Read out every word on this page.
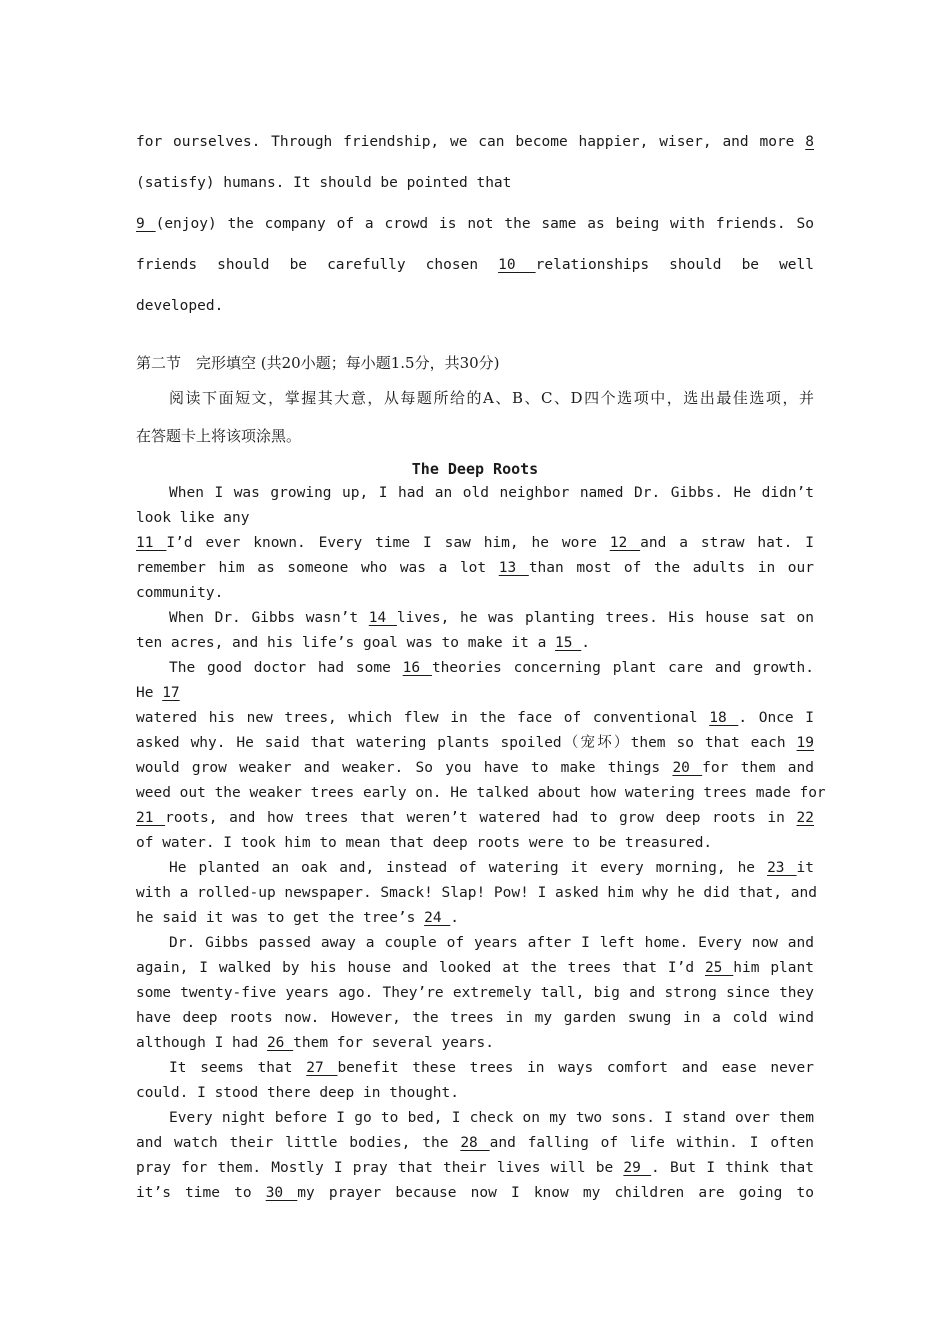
for ourselves. Through friendship, we can become happier, wiser, and more 8
(satisfy) humans. It should be pointed that
9 (enjoy) the company of a crowd is not the same as being with friends. So
friends should be carefully chosen 10 relationships should be well
developed.
第二节　完形填空 (共20小题；每小题1.5分，共30分)
阅读下面短文，掌握其大意，从每题所给的A、B、C、D四个选项中，选出最佳选项，并
在答题卡上将该项涂黑。
The Deep Roots
When I was growing up, I had an old neighbor named Dr. Gibbs. He didn’t
look like any
11 I’d ever known. Every time I saw him, he wore 12 and a straw hat. I
remember him as someone who was a lot 13 than most of the adults in our
community.
When Dr. Gibbs wasn’t 14 lives, he was planting trees. His house sat on
ten acres, and his life’s goal was to make it a 15 .
The good doctor had some 16 theories concerning plant care and growth.
He 17
watered his new trees, which flew in the face of conventional 18 . Once I
asked why. He said that watering plants spoiled（宠坏）them so that each 19
would grow weaker and weaker. So you have to make things 20 for them and
weed out the weaker trees early on. He talked about how watering trees made for
21 roots, and how trees that weren’t watered had to grow deep roots in 22
of water. I took him to mean that deep roots were to be treasured.
He planted an oak and, instead of watering it every morning, he 23 it
with a rolled-up newspaper. Smack! Slap! Pow! I asked him why he did that, and
he said it was to get the tree’s 24 .
Dr. Gibbs passed away a couple of years after I left home. Every now and
again, I walked by his house and looked at the trees that I’d 25 him plant
some twenty-five years ago. They’re extremely tall, big and strong since they
have deep roots now. However, the trees in my garden swung in a cold wind
although I had 26 them for several years.
It seems that 27 benefit these trees in ways comfort and ease never
could. I stood there deep in thought.
Every night before I go to bed, I check on my two sons. I stand over them
and watch their little bodies, the 28 and falling of life within. I often
pray for them. Mostly I pray that their lives will be 29 . But I think that
it’s time to 30 my prayer because now I know my children are going to
